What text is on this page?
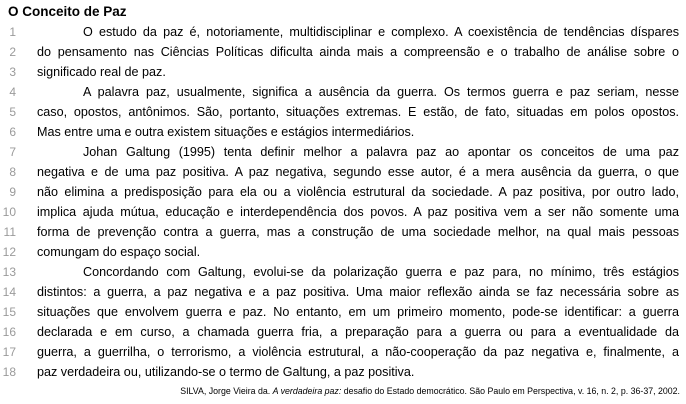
O Conceito de Paz
1	O estudo da paz é, notoriamente, multidisciplinar e complexo. A coexistência de tendências díspares
2 do pensamento nas Ciências Políticas dificulta ainda mais a compreensão e o trabalho de análise sobre o
3 significado real de paz.
4	A palavra paz, usualmente, significa a ausência da guerra. Os termos guerra e paz seriam, nesse
5 caso, opostos, antônimos. São, portanto, situações extremas. E estão, de fato, situadas em polos opostos.
6 Mas entre uma e outra existem situações e estágios intermediários.
7	Johan Galtung (1995) tenta definir melhor a palavra paz ao apontar os conceitos de uma paz
8 negativa e de uma paz positiva. A paz negativa, segundo esse autor, é a mera ausência da guerra, o que
9 não elimina a predisposição para ela ou a violência estrutural da sociedade. A paz positiva, por outro lado,
10 implica ajuda mútua, educação e interdependência dos povos. A paz positiva vem a ser não somente uma
11 forma de prevenção contra a guerra, mas a construção de uma sociedade melhor, na qual mais pessoas
12 comungam do espaço social.
13	Concordando com Galtung, evolui-se da polarização guerra e paz para, no mínimo, três estágios
14 distintos: a guerra, a paz negativa e a paz positiva. Uma maior reflexão ainda se faz necessária sobre as
15 situações que envolvem guerra e paz. No entanto, em um primeiro momento, pode-se identificar: a guerra
16 declarada e em curso, a chamada guerra fria, a preparação para a guerra ou para a eventualidade da
17 guerra, a guerrilha, o terrorismo, a violência estrutural, a não-cooperação da paz negativa e, finalmente, a
18 paz verdadeira ou, utilizando-se o termo de Galtung, a paz positiva.
SILVA, Jorge Vieira da. A verdadeira paz: desafio do Estado democrático. São Paulo em Perspectiva, v. 16, n. 2, p. 36-37, 2002.
